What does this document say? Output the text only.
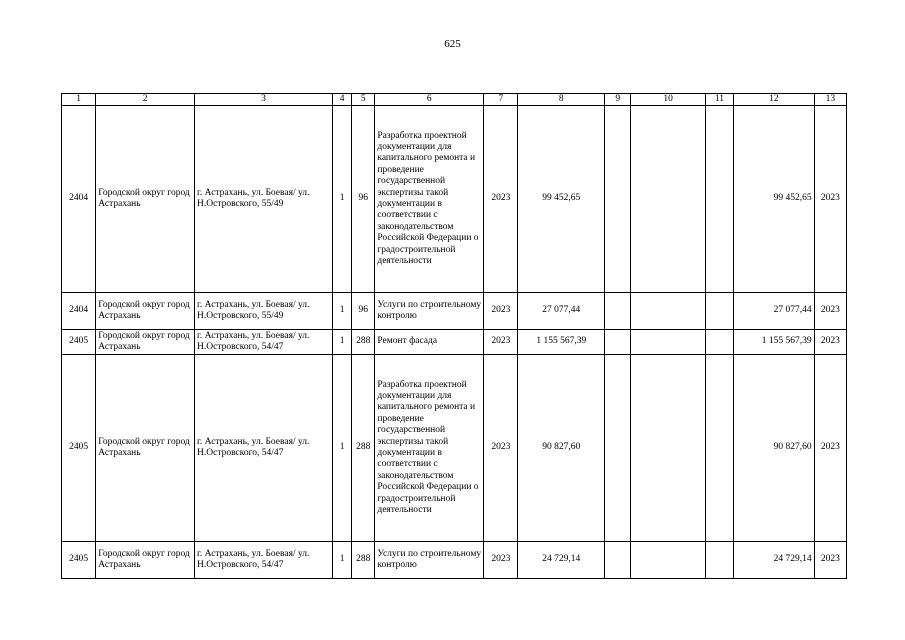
625
1	2	3	4	5	6	7	8	9	10	11	12	13
2404	Городской округ город Астрахань	г. Астрахань, ул. Боевая/ ул. Н.Островского, 55/49	1	96	Разработка проектной документации для капитального ремонта и проведение государственной экспертизы такой документации в соответствии с законодательством Российской Федерации о градостроительной деятельности	2023	99 452,65				99 452,65	2023
2404	Городской округ город Астрахань	г. Астрахань, ул. Боевая/ ул. Н.Островского, 55/49	1	96	Услуги по строительному контролю	2023	27 077,44				27 077,44	2023
2405	Городской округ город Астрахань	г. Астрахань, ул. Боевая/ ул. Н.Островского, 54/47	1	288	Ремонт фасада	2023	1 155 567,39				1 155 567,39	2023
2405	Городской округ город Астрахань	г. Астрахань, ул. Боевая/ ул. Н.Островского, 54/47	1	288	Разработка проектной документации для капитального ремонта и проведение государственной экспертизы такой документации в соответствии с законодательством Российской Федерации о градостроительной деятельности	2023	90 827,60				90 827,60	2023
2405	Городской округ город Астрахань	г. Астрахань, ул. Боевая/ ул. Н.Островского, 54/47	1	288	Услуги по строительному контролю	2023	24 729,14				24 729,14	2023
